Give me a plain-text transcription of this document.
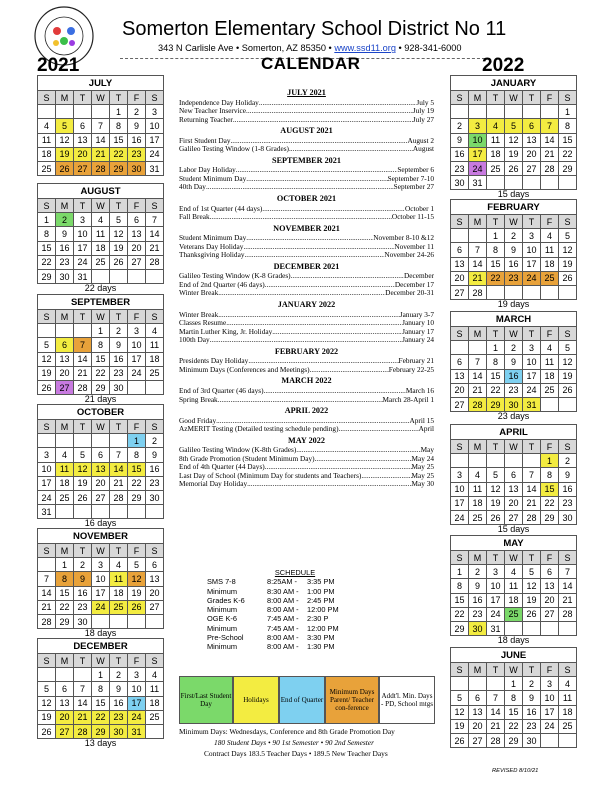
Somerton Elementary School District No 11
343 N Carlisle Ave • Somerton, AZ 85350 • www.ssd11.org • 928-341-6000
2021	CALENDAR	2022
JULY						
S	M	T	W	T	F	S
				1	2	3
4	5	6	7	8	9	10
11	12	13	14	15	16	17
18	19	20	21	22	23	24
25	26	27	28	29	30	31
AUGUST						
S	M	T	W	T	F	S
1	2	3	4	5	6	7
8	9	10	11	12	13	14
15	16	17	18	19	20	21
22	23	24	25	26	27	28
29	30	31				
22 days
SEPTEMBER						
S	M	T	W	T	F	S
			1	2	3	4
5	6	7	8	9	10	11
12	13	14	15	16	17	18
19	20	21	22	23	24	25
26	27	28	29	30		
21 days
OCTOBER						
S	M	T	W	T	F	S
					1	2
3	4	5	6	7	8	9
10	11	12	13	14	15	16
17	18	19	20	21	22	23
24	25	26	27	28	29	30
31						
16 days
NOVEMBER						
S	M	T	W	T	F	S
	1	2	3	4	5	6
7	8	9	10	11	12	13
14	15	16	17	18	19	20
21	22	23	24	25	26	27
28	29	30				
18 days
DECEMBER						
S	M	T	W	T	F	S
			1	2	3	4
5	6	7	8	9	10	11
12	13	14	15	16	17	18
19	20	21	22	23	24	25
26	27	28	29	30	31	
13 days
JANUARY						
S	M	T	W	T	F	S
						1
2	3	4	5	6	7	8
9	10	11	12	13	14	15
16	17	18	19	20	21	22
23	24	25	26	27	28	29
30	31					
15 days
FEBRUARY						
S	M	T	W	T	F	S
		1	2	3	4	5
6	7	8	9	10	11	12
13	14	15	16	17	18	19
20	21	22	23	24	25	26
27	28					
19 days
MARCH						
S	M	T	W	T	F	S
		1	2	3	4	5
6	7	8	9	10	11	12
13	14	15	16	17	18	19
20	21	22	23	24	25	26
27	28	29	30	31		
23 days
APRIL						
S	M	T	W	T	F	S
					1	2
3	4	5	6	7	8	9
10	11	12	13	14	15	16
17	18	19	20	21	22	23
24	25	26	27	28	29	30
15 days
MAY						
S	M	T	W	T	F	S
1	2	3	4	5	6	7
8	9	10	11	12	13	14
15	16	17	18	19	20	21
22	23	24	25	26	27	28
29	30	31				
18 days
JUNE						
S	M	T	W	T	F	S
			1	2	3	4
5	6	7	8	9	10	11
12	13	14	15	16	17	18
19	20	21	22	23	24	25
26	27	28	29	30		
JULY 2021
Independence Day Holiday .....	July 5
New Teacher Inservice .....	July 19
Returning Teacher .....	July 27
AUGUST 2021
First Student Day .....	August 2
Galileo Testing Window (1-8 Grades) .....	August
SEPTEMBER 2021
Labor Day Holiday .....	September 6
Student Minimum Day .....	September 7-10
40th Day .....	September 27
OCTOBER 2021
End of 1st Quarter (44 days) .....	October 1
Fall Break .....	October 11-15
NOVEMBER 2021
Student Minimum Day .....	November 8-10 &12
Veterans Day Holiday .....	November 11
Thanksgiving Holiday .....	November 24-26
DECEMBER 2021
Galileo Testing Window (K-8 Grades) .....	December
End of 2nd Quarter (46 days) .....	December 17
Winter Break .....	December 20-31
JANUARY 2022
Winter Break .....	January 3-7
Classes Resume .....	January 10
Martin Luther King, Jr. Holiday .....	January 17
100th Day .....	January 24
FEBRUARY 2022
Presidents Day Holiday .....	February 21
Minimum Days (Conferences and Meetings) .....	February 22-25
MARCH 2022
End of 3rd Quarter (46 days) .....	March 16
Spring Break .....	March 28-April 1
APRIL 2022
Good Friday .....	April 15
AzMERIT Testing (Detailed testing schedule pending) .....	April
MAY 2022
Galileo Testing Window (K-8th Grades) .....	May
8th Grade Promotion (Student Minimum Day) .....	May 24
End of 4th Quarter (44 Days) .....	May 25
Last Day of School (Minimum Day for students and Teachers) .....	May 25
Memorial Day Holiday .....	May 30
SCHEDULE
SMS 7-8	8:25AM -	3:35 PM
Minimum	8:30 AM -	1:00 PM
Grades K-6	8:00 AM -	2:45 PM
Minimum	8:00 AM -	12:00 PM
OGE K-6	7:45 AM -	2:30 P
Minimum	7:45 AM -	12:00 PM
Pre-School	8:00 AM -	3:30 PM
Minimum	8:00 AM -	1:30 PM
First/Last Student Day	Holidays	End of Quarter
Minimum Days Parent/ Teacher con-ference
Addt'l. Min. Days - PD, School mtgs
Minimum Days: Wednesdays, Conference and 8th Grade Promotion Day
180 Student Days • 90 1st Semester • 90 2nd Semester
Contract Days 183.5 Teacher Days • 189.5 New Teacher Days
REVISED 8/10/21
